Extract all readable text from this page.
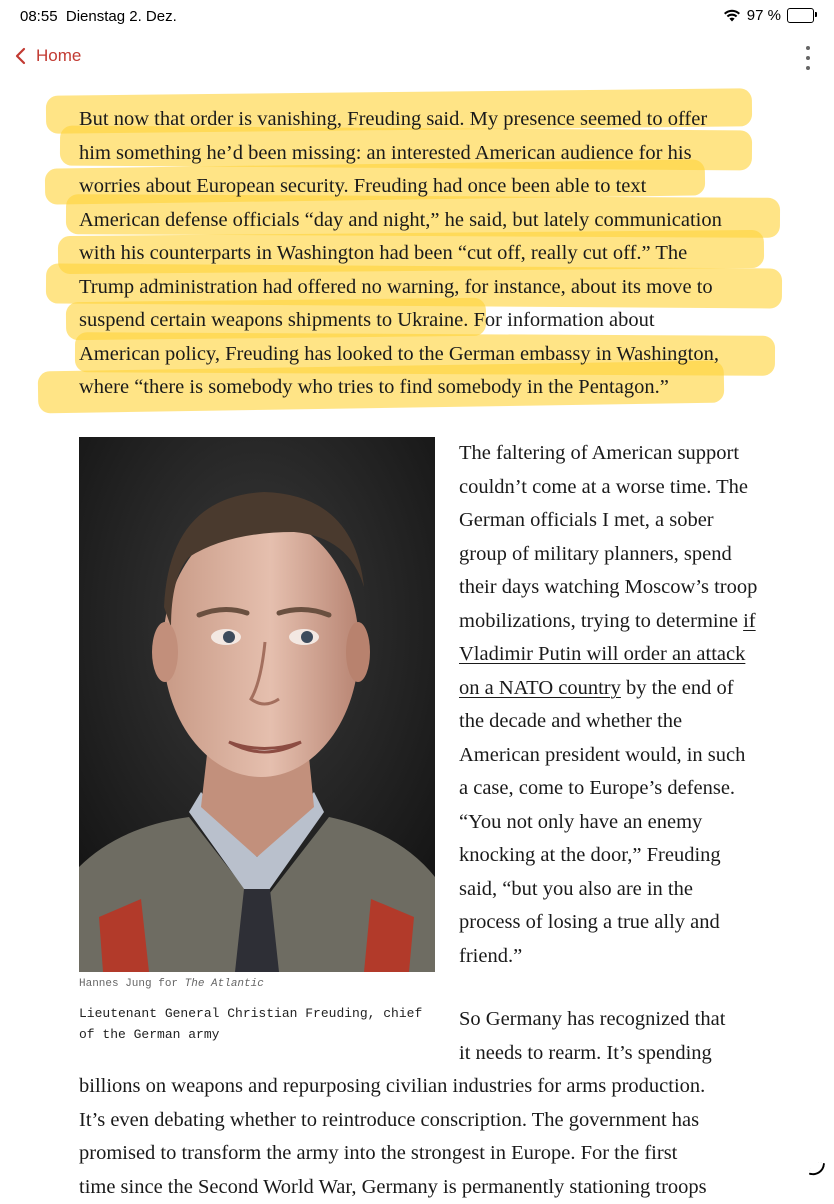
08:55 Dienstag 2. Dez.	97 %
Home
But now that order is vanishing, Freuding said. My presence seemed to offer
him something he’d been missing: an interested American audience for his
worries about European security. Freuding had once been able to text
American defense officials “day and night,” he said, but lately communication
with his counterparts in Washington had been “cut off, really cut off.” The
Trump administration had offered no warning, for instance, about its move to
suspend certain weapons shipments to Ukraine. For information about
American policy, Freuding has looked to the German embassy in Washington,
where “there is somebody who tries to find somebody in the Pentagon.”
Hannes Jung for The Atlantic
Lieutenant General Christian Freuding, chief of the German army
The faltering of American support couldn’t come at a worse time. The German officials I met, a sober group of military planners, spend their days watching Moscow’s troop mobilizations, trying to determine if Vladimir Putin will order an attack on a NATO country by the end of the decade and whether the American president would, in such a case, come to Europe’s defense. “You not only have an enemy knocking at the door,” Freuding said, “but you also are in the process of losing a true ally and friend.”
So Germany has recognized that
it needs to rearm. It’s spending
billions on weapons and repurposing civilian industries for arms production.
It’s even debating whether to reintroduce conscription. The government has
promised to transform the army into the strongest in Europe. For the first
time since the Second World War, Germany is permanently stationing troops
